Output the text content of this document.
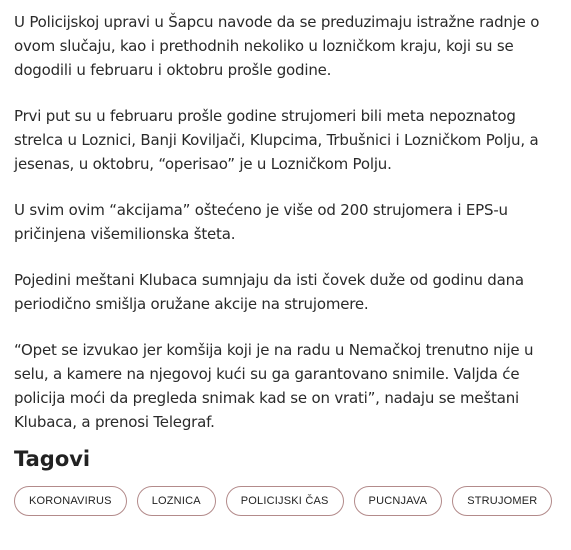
U Policijskoj upravi u Šapcu navode da se preduzimaju istražne radnje o ovom slučaju, kao i prethodnih nekoliko u lozničkom kraju, koji su se dogodili u februaru i oktobru prošle godine.

Prvi put su u februaru prošle godine strujomeri bili meta nepoznatog strelca u Loznici, Banji Koviljači, Klupcima, Trbušnici i Lozničkom Polju, a jesenas, u oktobru, “operisao” je u Lozničkom Polju.

U svim ovim “akcijama” oštećeno je više od 200 strujomera i EPS-u pričinjena višemilionska šteta.

Pojedini meštani Klubaca sumnjaju da isti čovek duže od godinu dana periodično smišlja oružane akcije na strujomere.

“Opet se izvukao jer komšija koji je na radu u Nemačkoj trenutno nije u selu, a kamere na njegovoj kući su ga garantovano snimile. Valjda će policija moći da pregleda snimak kad se on vrati”, nadaju se meštani Klubaca, a prenosi Telegraf.

Tagovi
KORONAVIRUS	LOZNICA	POLICIJSKI ČAS	PUCNJAVA	STRUJOMER
